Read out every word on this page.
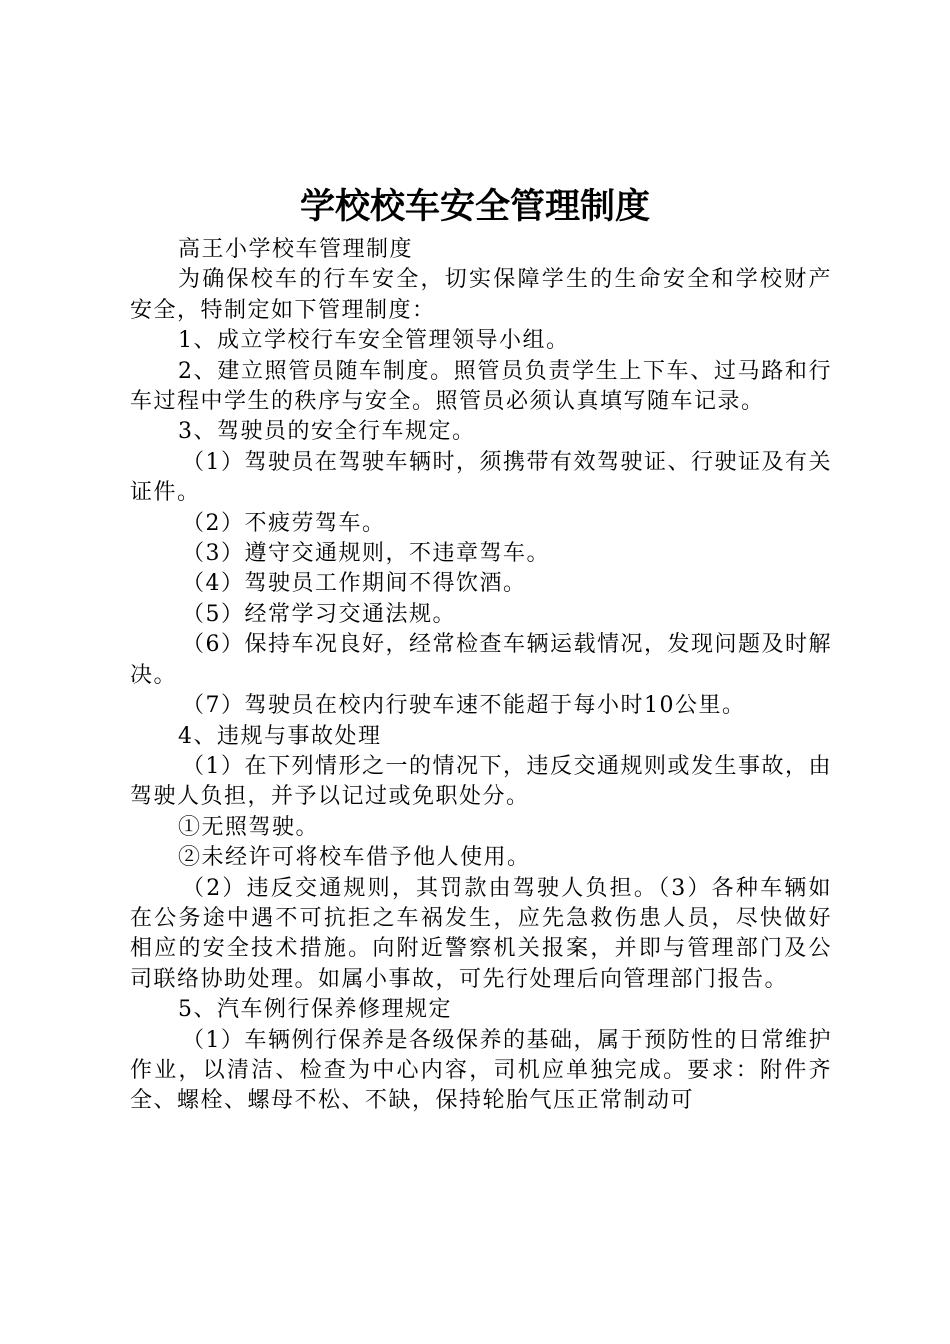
学校校车安全管理制度

高王小学校车管理制度

为确保校车的行车安全，切实保障学生的生命安全和学校财产安全，特制定如下管理制度：

1、成立学校行车安全管理领导小组。

2、建立照管员随车制度。照管员负责学生上下车、过马路和行车过程中学生的秩序与安全。照管员必须认真填写随车记录。

3、驾驶员的安全行车规定。

（1）驾驶员在驾驶车辆时，须携带有效驾驶证、行驶证及有关证件。

（2）不疲劳驾车。

（3）遵守交通规则，不违章驾车。

（4）驾驶员工作期间不得饮酒。

（5）经常学习交通法规。

（6）保持车况良好，经常检查车辆运载情况，发现问题及时解决。

（7）驾驶员在校内行驶车速不能超于每小时10公里。

4、违规与事故处理

（1）在下列情形之一的情况下，违反交通规则或发生事故，由驾驶人负担，并予以记过或免职处分。

①无照驾驶。

②未经许可将校车借予他人使用。

（2）违反交通规则，其罚款由驾驶人负担。（3）各种车辆如在公务途中遇不可抗拒之车祸发生，应先急救伤患人员，尽快做好相应的安全技术措施。向附近警察机关报案，并即与管理部门及公司联络协助处理。如属小事故，可先行处理后向管理部门报告。

5、汽车例行保养修理规定

（1）车辆例行保养是各级保养的基础，属于预防性的日常维护作业，以清洁、检查为中心内容，司机应单独完成。要求：附件齐全、螺栓、螺母不松、不缺，保持轮胎气压正常制动可
